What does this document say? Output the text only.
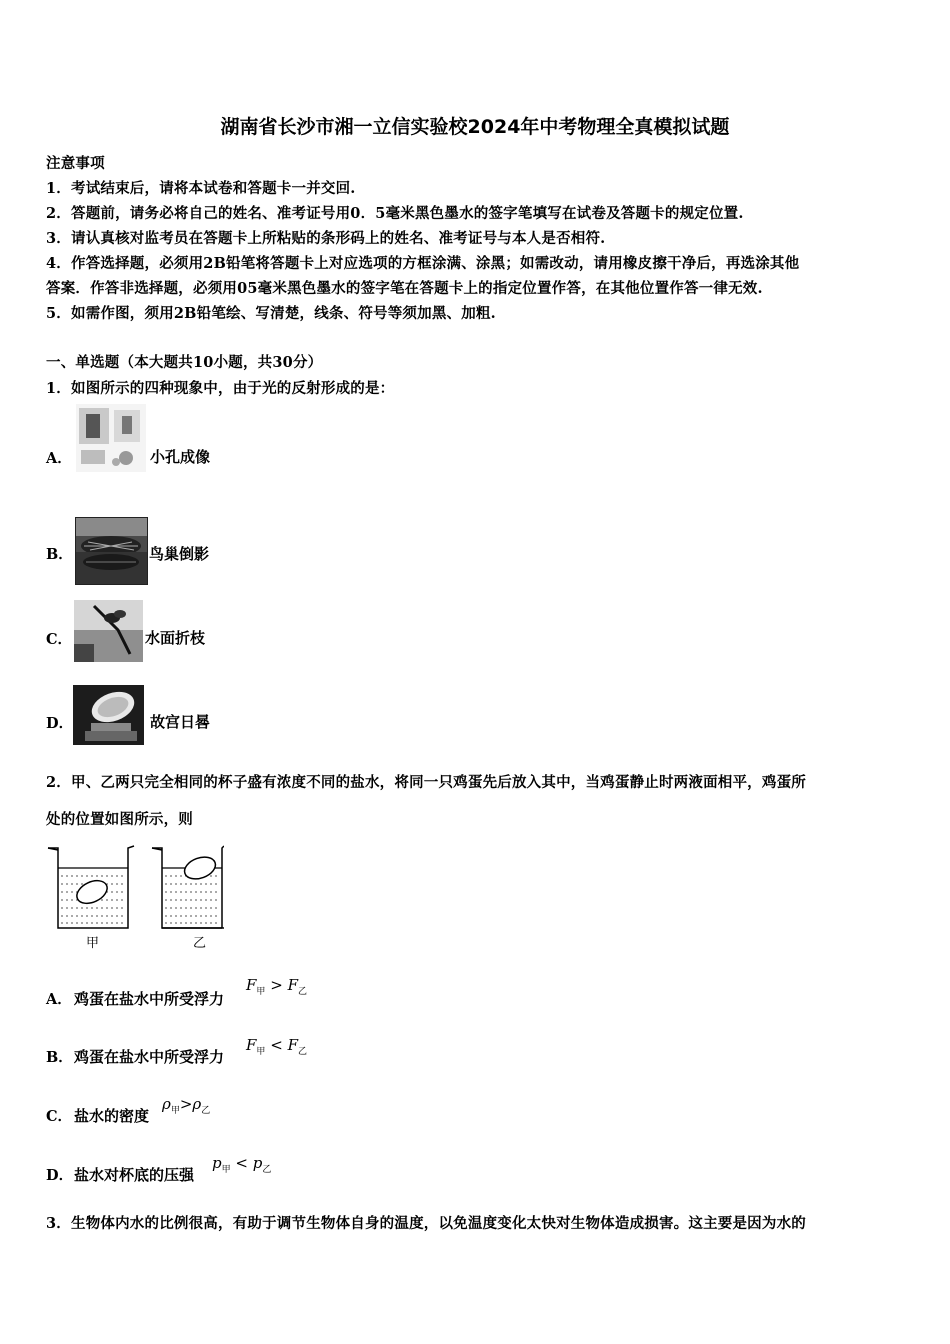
湖南省长沙市湘一立信实验校2024年中考物理全真模拟试题
注意事项
1．考试结束后，请将本试卷和答题卡一并交回.
2．答题前，请务必将自己的姓名、准考证号用0．5毫米黑色墨水的签字笔填写在试卷及答题卡的规定位置.
3．请认真核对监考员在答题卡上所粘贴的条形码上的姓名、准考证号与本人是否相符.
4．作答选择题，必须用2B铅笔将答题卡上对应选项的方框涂满、涂黑；如需改动，请用橡皮擦干净后，再选涂其他
答案．作答非选择题，必须用05毫米黑色墨水的签字笔在答题卡上的指定位置作答，在其他位置作答一律无效.
5．如需作图，须用2B铅笔绘、写清楚，线条、符号等须加黑、加粗.
一、单选题（本大题共10小题，共30分）
1．如图所示的四种现象中，由于光的反射形成的是：
A．	小孔成像
B．	鸟巢倒影
C．	水面折枝
D．	故宫日晷
2．甲、乙两只完全相同的杯子盛有浓度不同的盐水，将同一只鸡蛋先后放入其中，当鸡蛋静止时两液面相平，鸡蛋所
处的位置如图所示，则
甲	乙
A． 鸡蛋在盐水中所受浮力
$F_甲 > F_乙$
B． 鸡蛋在盐水中所受浮力
$F_甲 < F_乙$
C． 盐水的密度
$\rho_甲>\rho_乙$
D． 盐水对杯底的压强
$p_甲 < p_乙$
3．生物体内水的比例很高，有助于调节生物体自身的温度，以免温度变化太快对生物体造成损害。这主要是因为水的
